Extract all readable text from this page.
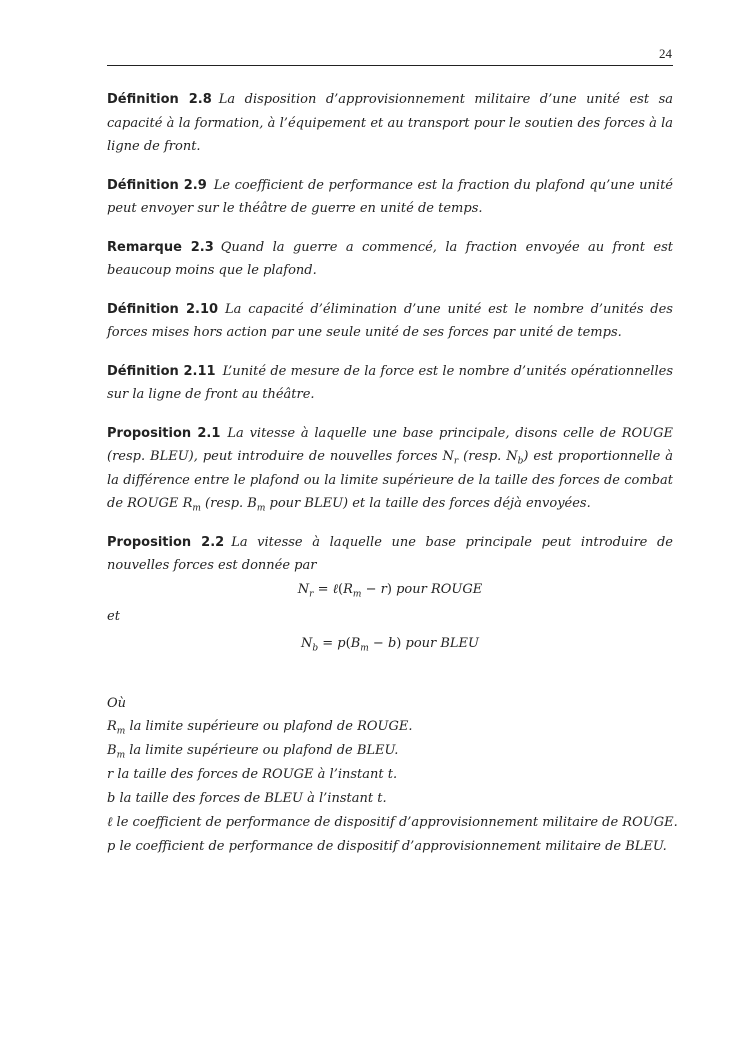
24
Définition 2.8 La disposition d’approvisionnement militaire d’une unité est sa capacité à la formation, à l’équipement et au transport pour le soutien des forces à la ligne de front.
Définition 2.9 Le coefficient de performance est la fraction du plafond qu’une unité peut envoyer sur le théâtre de guerre en unité de temps.
Remarque 2.3 Quand la guerre a commencé, la fraction envoyée au front est beaucoup moins que le plafond.
Définition 2.10 La capacité d’élimination d’une unité est le nombre d’unités des forces mises hors action par une seule unité de ses forces par unité de temps.
Définition 2.11 L’unité de mesure de la force est le nombre d’unités opérationnelles sur la ligne de front au théâtre.
Proposition 2.1 La vitesse à laquelle une base principale, disons celle de ROUGE (resp. BLEU), peut introduire de nouvelles forces $N_r$ (resp. $N_b$) est proportionnelle à la différence entre le plafond ou la limite supérieure de la taille des forces de combat de ROUGE $R_m$ (resp. $B_m$ pour BLEU) et la taille des forces déjà envoyées.
Proposition 2.2 La vitesse à laquelle une base principale peut introduire de nouvelles forces est donnée par
$N_r$ = $\ell(R_m - r)$ pour ROUGE
et
$N_b = p(B_m - b)$ pour BLEU
Où
$R_m$ la limite supérieure ou plafond de ROUGE.
$B_m$ la limite supérieure ou plafond de BLEU.
r la taille des forces de ROUGE à l’instant t.
b la taille des forces de BLEU à l’instant t.
ℓ le coefficient de performance de dispositif d’approvisionnement militaire de ROUGE.
p le coefficient de performance de dispositif d’approvisionnement militaire de BLEU.
